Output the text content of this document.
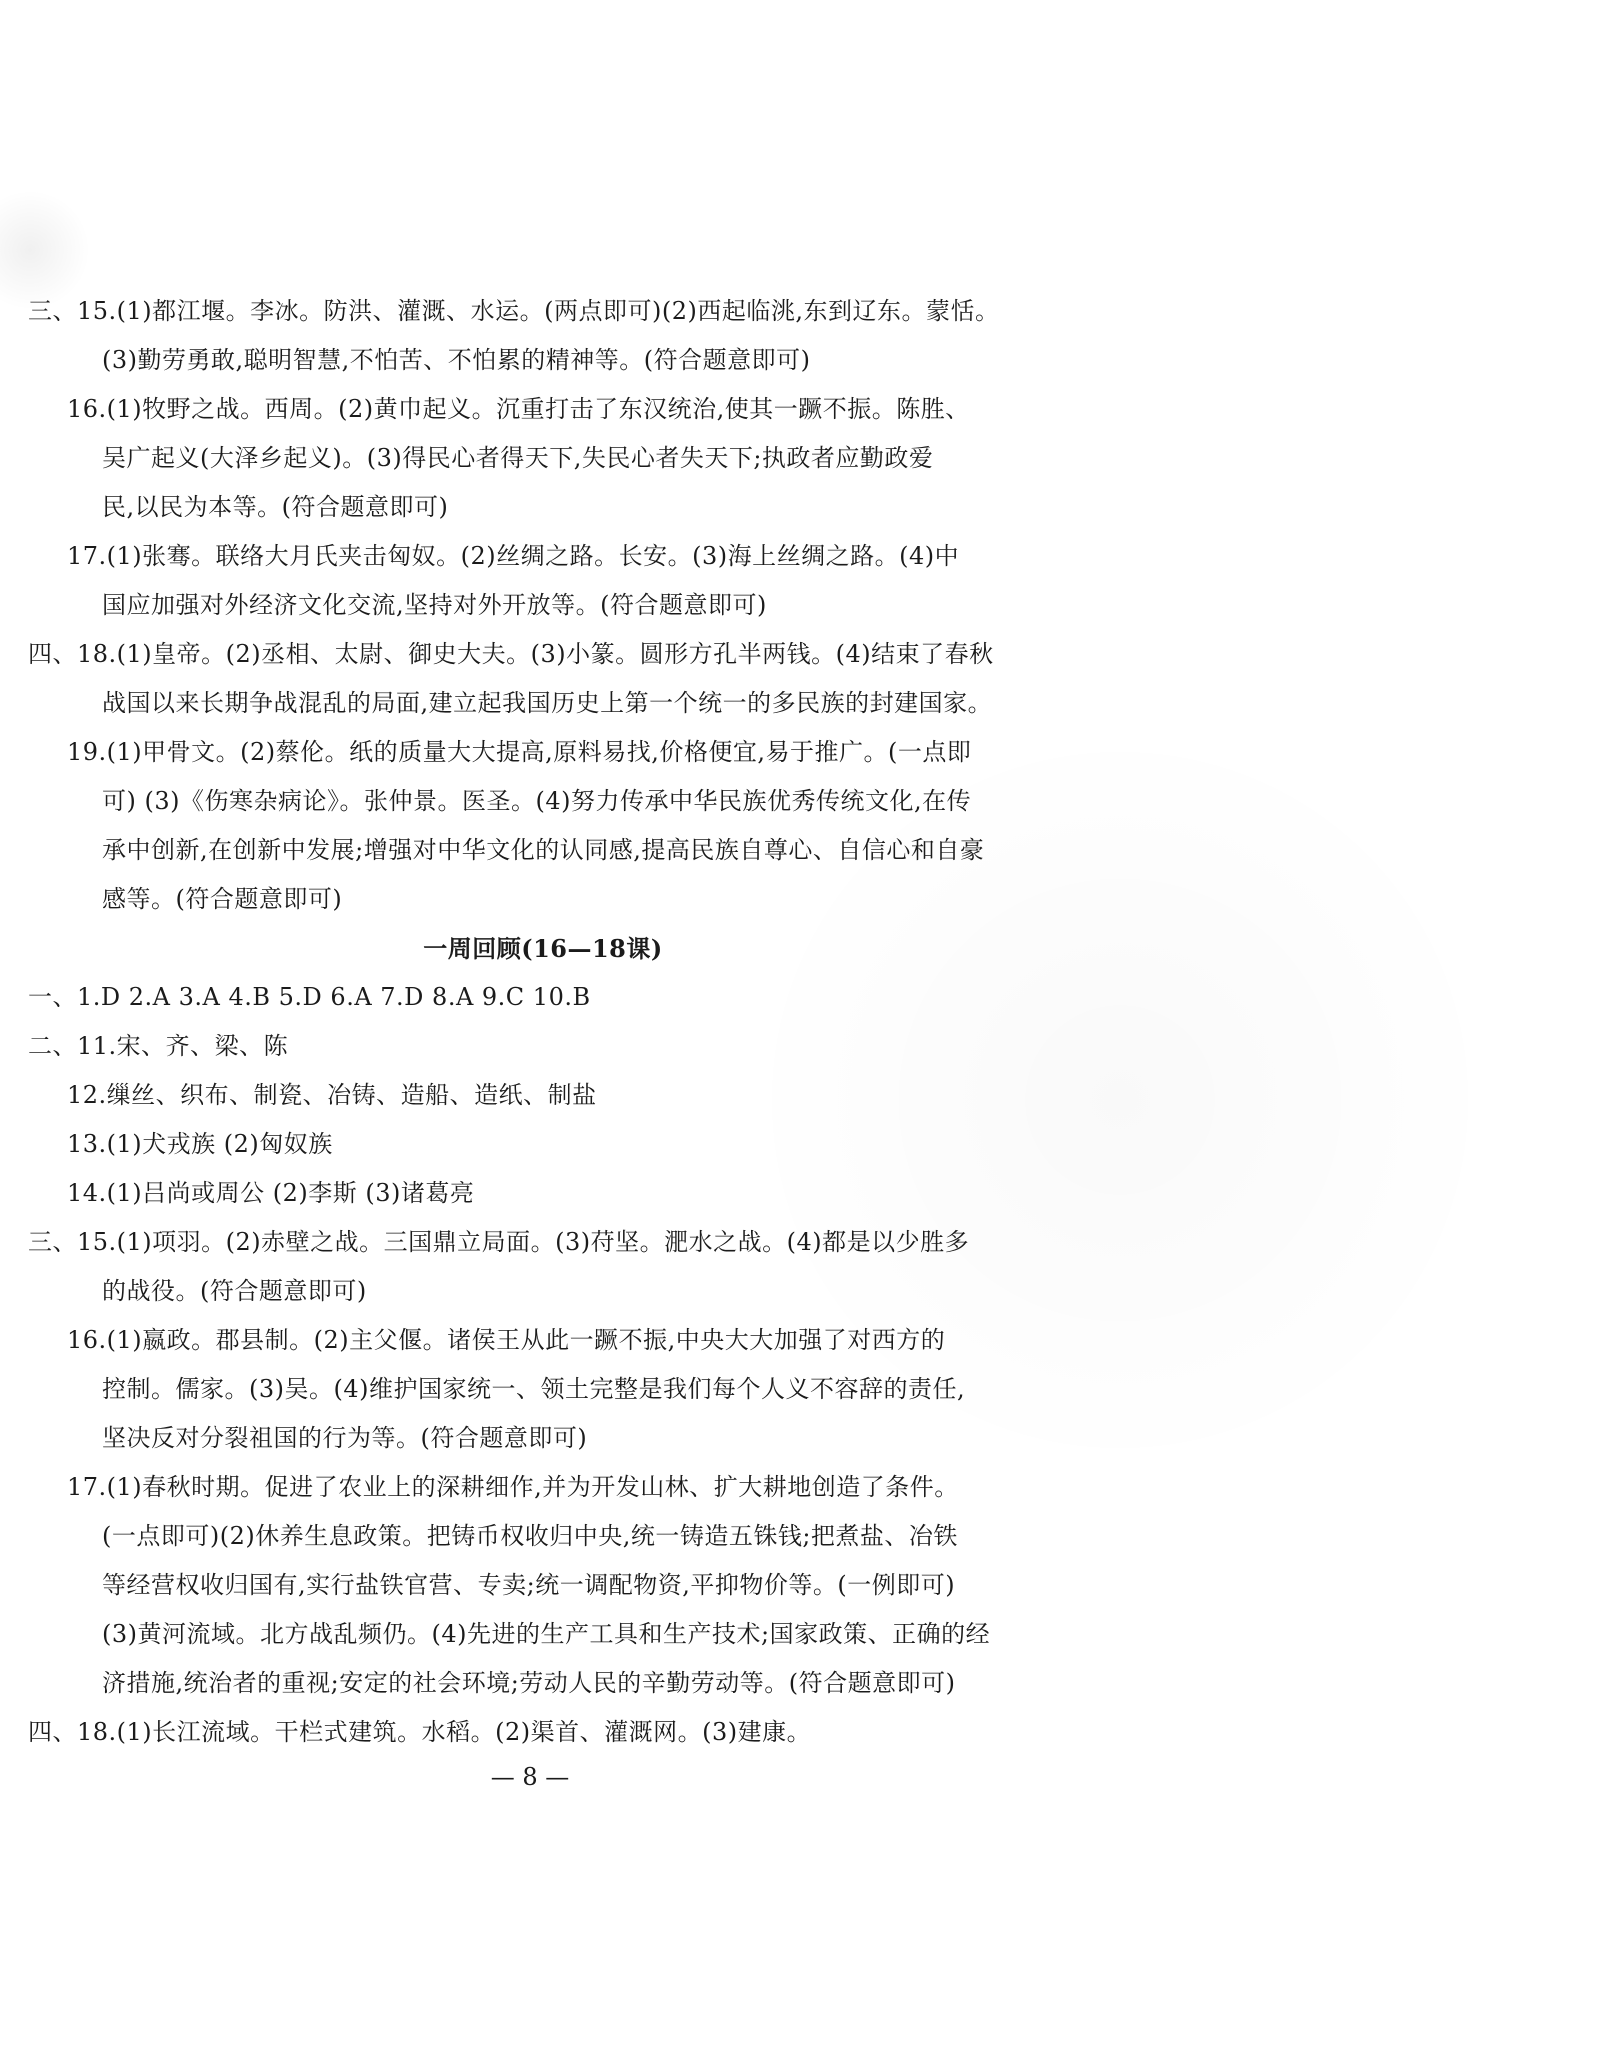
三、15.(1)都江堰。李冰。防洪、灌溉、水运。(两点即可)(2)西起临洮,东到辽东。蒙恬。
(3)勤劳勇敢,聪明智慧,不怕苦、不怕累的精神等。(符合题意即可)
16.(1)牧野之战。西周。(2)黄巾起义。沉重打击了东汉统治,使其一蹶不振。陈胜、
吴广起义(大泽乡起义)。(3)得民心者得天下,失民心者失天下;执政者应勤政爱
民,以民为本等。(符合题意即可)
17.(1)张骞。联络大月氏夹击匈奴。(2)丝绸之路。长安。(3)海上丝绸之路。(4)中
国应加强对外经济文化交流,坚持对外开放等。(符合题意即可)
四、18.(1)皇帝。(2)丞相、太尉、御史大夫。(3)小篆。圆形方孔半两钱。(4)结束了春秋
战国以来长期争战混乱的局面,建立起我国历史上第一个统一的多民族的封建国家。
19.(1)甲骨文。(2)蔡伦。纸的质量大大提高,原料易找,价格便宜,易于推广。(一点即
可) (3)《伤寒杂病论》。张仲景。医圣。(4)努力传承中华民族优秀传统文化,在传
承中创新,在创新中发展;增强对中华文化的认同感,提高民族自尊心、自信心和自豪
感等。(符合题意即可)
一周回顾(16—18课)
一、1.D 2.A 3.A 4.B 5.D 6.A 7.D 8.A 9.C 10.B
二、11.宋、齐、梁、陈
12.缫丝、织布、制瓷、冶铸、造船、造纸、制盐
13.(1)犬戎族 (2)匈奴族
14.(1)吕尚或周公 (2)李斯 (3)诸葛亮
三、15.(1)项羽。(2)赤壁之战。三国鼎立局面。(3)苻坚。淝水之战。(4)都是以少胜多
的战役。(符合题意即可)
16.(1)嬴政。郡县制。(2)主父偃。诸侯王从此一蹶不振,中央大大加强了对西方的
控制。儒家。(3)吴。(4)维护国家统一、领土完整是我们每个人义不容辞的责任,
坚决反对分裂祖国的行为等。(符合题意即可)
17.(1)春秋时期。促进了农业上的深耕细作,并为开发山林、扩大耕地创造了条件。
(一点即可)(2)休养生息政策。把铸币权收归中央,统一铸造五铢钱;把煮盐、冶铁
等经营权收归国有,实行盐铁官营、专卖;统一调配物资,平抑物价等。(一例即可)
(3)黄河流域。北方战乱频仍。(4)先进的生产工具和生产技术;国家政策、正确的经
济措施,统治者的重视;安定的社会环境;劳动人民的辛勤劳动等。(符合题意即可)
四、18.(1)长江流域。干栏式建筑。水稻。(2)渠首、灌溉网。(3)建康。
— 8 —
